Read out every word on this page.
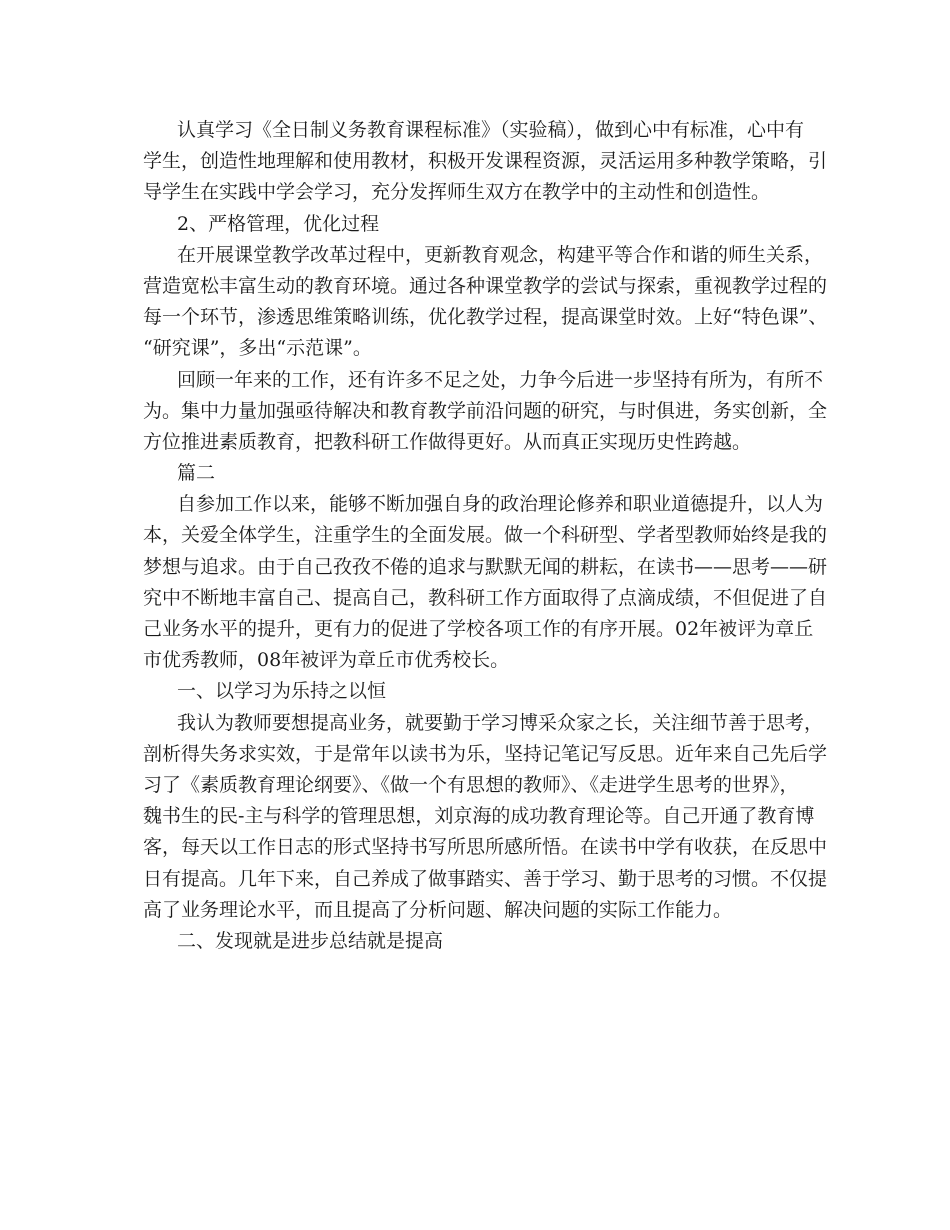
认真学习《全日制义务教育课程标准》（实验稿），做到心中有标准，心中有
学生，创造性地理解和使用教材，积极开发课程资源，灵活运用多种教学策略，引
导学生在实践中学会学习，充分发挥师生双方在教学中的主动性和创造性。
2、严格管理，优化过程
在开展课堂教学改革过程中，更新教育观念，构建平等合作和谐的师生关系，
营造宽松丰富生动的教育环境。通过各种课堂教学的尝试与探索，重视教学过程的
每一个环节，渗透思维策略训练，优化教学过程，提高课堂时效。上好“特色课”、
“研究课”，多出“示范课”。
回顾一年来的工作，还有许多不足之处，力争今后进一步坚持有所为，有所不
为。集中力量加强亟待解决和教育教学前沿问题的研究，与时俱进，务实创新，全
方位推进素质教育，把教科研工作做得更好。从而真正实现历史性跨越。
篇二
自参加工作以来，能够不断加强自身的政治理论修养和职业道德提升，以人为
本，关爱全体学生，注重学生的全面发展。做一个科研型、学者型教师始终是我的
梦想与追求。由于自己孜孜不倦的追求与默默无闻的耕耘，在读书——思考——研
究中不断地丰富自己、提高自己，教科研工作方面取得了点滴成绩，不但促进了自
己业务水平的提升，更有力的促进了学校各项工作的有序开展。02年被评为章丘
市优秀教师，08年被评为章丘市优秀校长。
一、以学习为乐持之以恒
我认为教师要想提高业务，就要勤于学习博采众家之长，关注细节善于思考，
剖析得失务求实效，于是常年以读书为乐，坚持记笔记写反思。近年来自己先后学
习了《素质教育理论纲要》、《做一个有思想的教师》、《走进学生思考的世界》，
魏书生的民-主与科学的管理思想，刘京海的成功教育理论等。自己开通了教育博
客，每天以工作日志的形式坚持书写所思所感所悟。在读书中学有收获，在反思中
日有提高。几年下来，自己养成了做事踏实、善于学习、勤于思考的习惯。不仅提
高了业务理论水平，而且提高了分析问题、解决问题的实际工作能力。
二、发现就是进步总结就是提高
